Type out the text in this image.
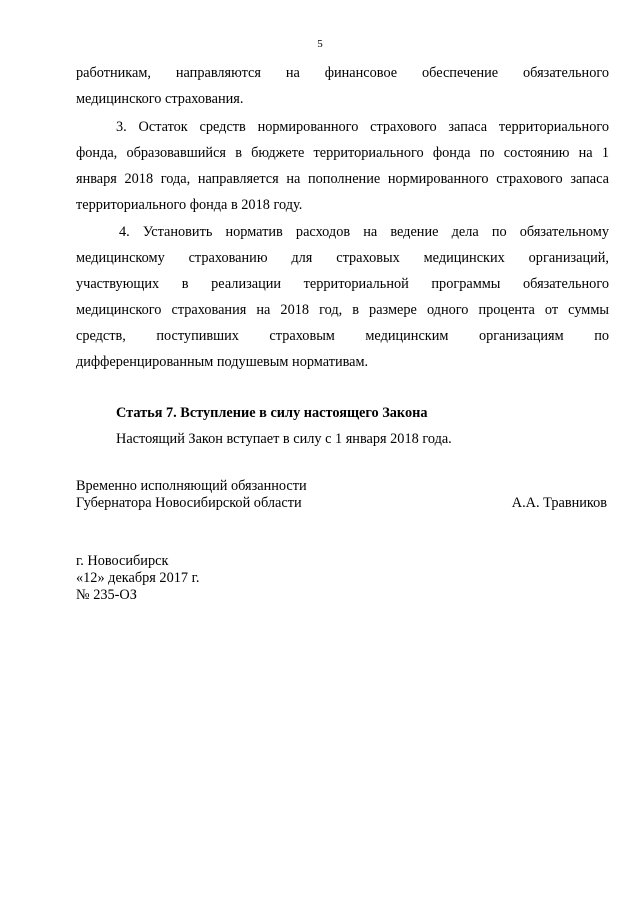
5

работникам, направляются на финансовое обеспечение обязательного

медицинского страхования.

3. Остаток средств нормированного страхового запаса территориального

фонда, образовавшийся в бюджете территориального фонда по состоянию на 1

января 2018 года, направляется на пополнение нормированного страхового запаса

территориального фонда в 2018 году.

4. Установить норматив расходов на ведение дела по обязательному

медицинскому страхованию для страховых медицинских организаций,

участвующих в реализации территориальной программы обязательного

медицинского страхования на 2018 год, в размере одного процента от суммы

средств, поступивших страховым медицинским организациям по

дифференцированным подушевым нормативам.

Статья 7. Вступление в силу настоящего Закона
Настоящий Закон вступает в силу с 1 января 2018 года.
Временно исполняющий обязанности
Губернатора Новосибирской области	А.А. Травников
г. Новосибирск
«12» декабря 2017 г.
№ 235-ОЗ
